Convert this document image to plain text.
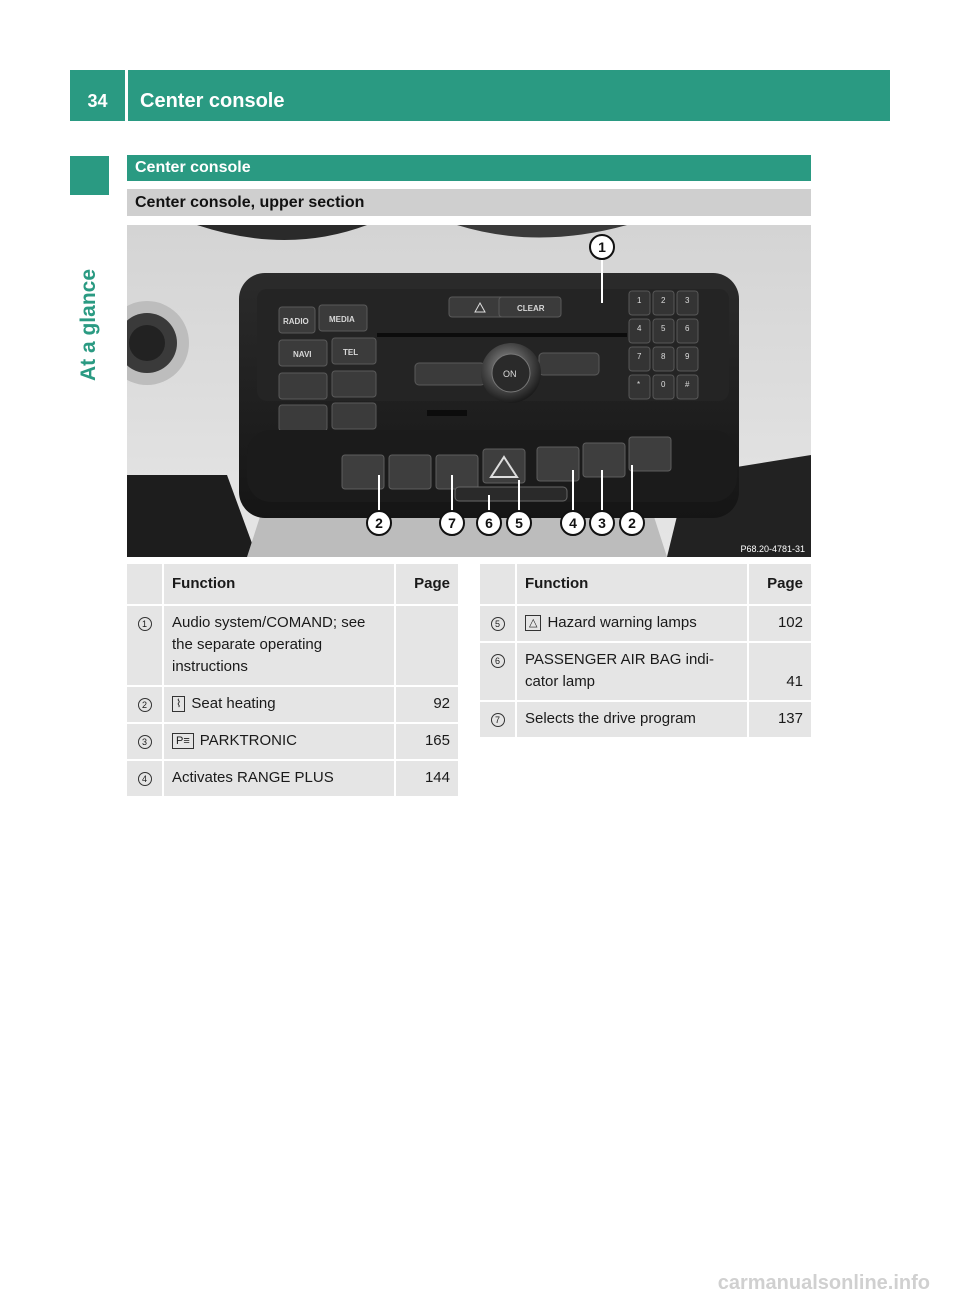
34	Center console
At a glance
Center console
Center console, upper section
RADIO	MEDIA
NAVI	TEL
CLEAR
ON
1 2 3
4 5 6
7 8 9
*	0 #
1
2	7 6 5	4 3 2
P68.20-4781-31
	Function	Page
1	Audio system/COMAND; see the separate operating instructions	
2	⌇ Seat heating	92
3	P≡ PARKTRONIC	165
4	Activates RANGE PLUS	144
	Function	Page
5	△ Hazard warning lamps	102
6	PASSENGER AIR BAG indi-cator lamp	41
7	Selects the drive program	137
carmanualsonline.info
